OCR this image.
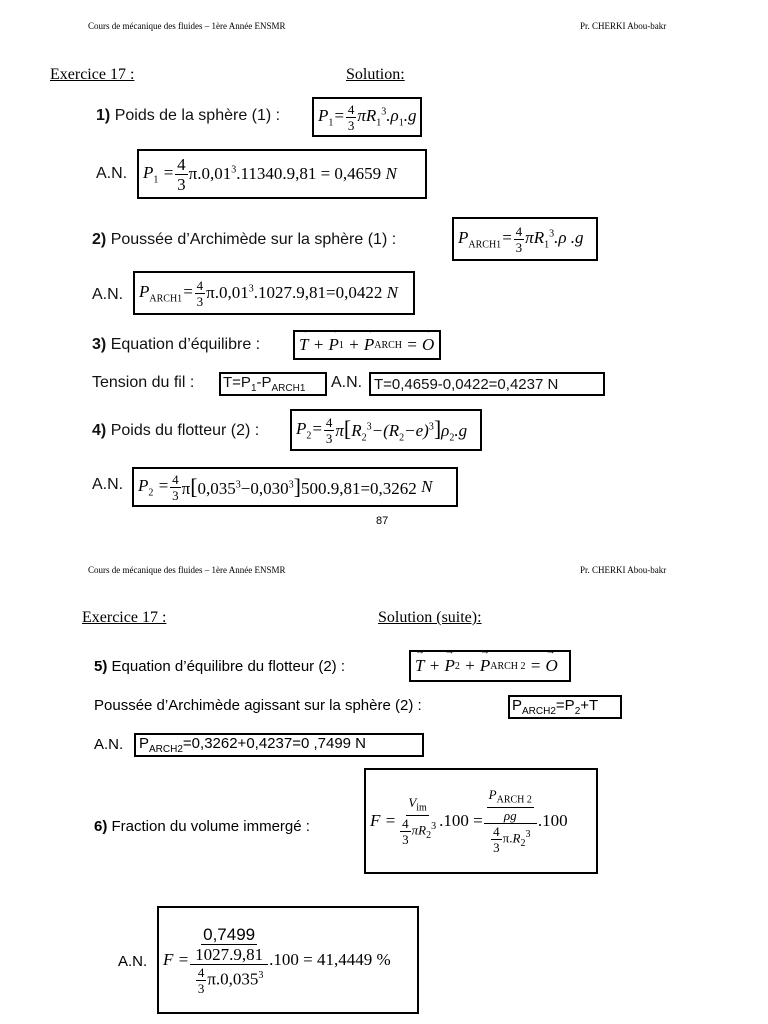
Cours de mécanique des fluides – 1ère Année ENSMR	Pr. CHERKI Abou-bakr
Exercice 17 :	Solution:
1) Poids de la sphère (1) : $P_1= \frac{4}{3} \pi R_1^3.\rho_1.g$
A.N. $P_1 = \frac{4}{3} \pi.0,01^3.11340.9,81 = 0,4659$ N
2) Poussée d’Archimède sur la sphère (1) :	$P_{ARCH1}= \frac{4}{3} \pi R_1^3.\rho$ .g
A.N. $P_{ARCH1}= \frac{4}{3} \pi.0,01^3.1027.9,81=0,0422$ N
3) Equation d’équilibre : → T + → P 1 + → P ARCH = → O
Tension du fil : $T=P_1-P_{ARCH1}$ A.N. T=0,4659-0,0422=0,4237 N
4) Poids du flotteur (2) : $P_2= \frac{4}{3} \pi[R_2^3-(R_2-e)^3]\rho_2.g$
A.N. $P_2 = \frac{4}{3} \pi[0,035^3-0,030^3]500.9,81=0,3262$ N
87
Cours de mécanique des fluides – 1ère Année ENSMR	Pr. CHERKI Abou-bakr
Exercice 17 :	Solution (suite):
5) Equation d’équilibre du flotteur (2) :	→ T + → P 2 + → P ARCH 2 = → O
Poussée d’Archimède agissant sur la sphère (2) :	$P_{ARCH2}=P_2+T$
A.N. $P_{ARCH2}=0,3262+0,4237=0$ ,7499 N
6) Fraction du volume immergé :	$F = \frac{V_{im}}{\frac{4}{3} \pi R_2^3} .100 = \frac{\frac{P_{ARCH 2}}{\rho g}}{\frac{4}{3} \pi.R_2^3} .100$
A.N. $F = \frac{\frac{0,7499}{1027.9,81}}{\frac{4}{3} \pi.0,035^3} .100 = 41,4449$ %
